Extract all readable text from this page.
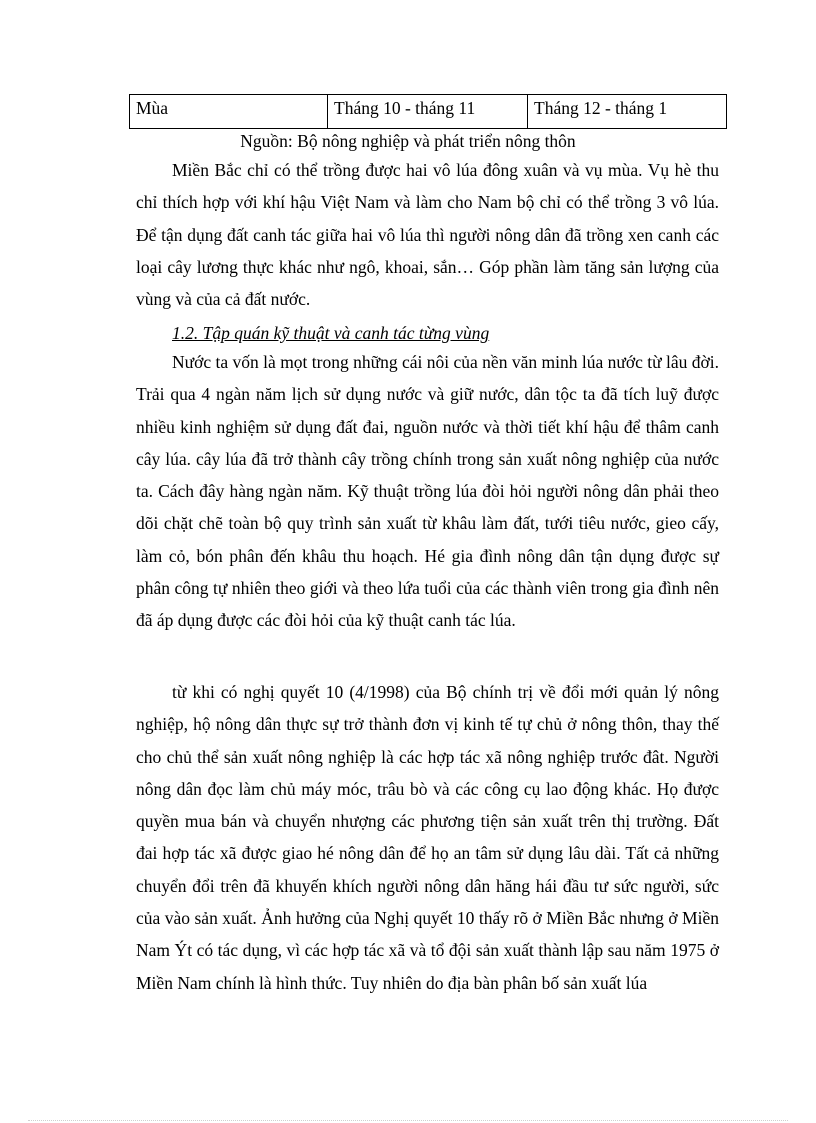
Mùa	Tháng 10 - tháng 11	Tháng 12 - tháng 1
Nguồn: Bộ nông nghiệp và phát triển nông thôn

Miền Bắc chỉ có thể trồng được hai vô lúa đông xuân và vụ mùa. Vụ hè thu chỉ thích hợp với khí hậu Việt Nam và làm cho Nam bộ chỉ có thể trồng 3 vô lúa. Để tận dụng đất canh tác giữa hai vô lúa thì người nông dân đã trồng xen canh các loại cây lương thực khác như ngô, khoai, sắn… Góp phần làm tăng sản lượng của vùng và của cả đất nước.

1.2. Tập quán kỹ thuật và canh tác từng vùng

Nước ta vốn là mọt trong những cái nôi của nền văn minh lúa nước từ lâu đời. Trải qua 4 ngàn năm lịch sử dụng nước và giữ nước, dân tộc ta đã tích luỹ được nhiều kinh nghiệm sử dụng đất đai, nguồn nước và thời tiết khí hậu để thâm canh cây lúa. cây lúa đã trở thành cây trồng chính trong sản xuất nông nghiệp của nước ta. Cách đây hàng ngàn năm. Kỹ thuật trồng lúa đòi hỏi người nông dân phải theo dõi chặt chẽ toàn bộ quy trình sản xuất từ khâu làm đất, tưới tiêu nước, gieo cấy, làm cỏ, bón phân đến khâu thu hoạch. Hé gia đình nông dân tận dụng được sự phân công tự nhiên theo giới và theo lứa tuổi của các thành viên trong gia đình nên đã áp dụng được các đòi hỏi của kỹ thuật canh tác lúa.

từ khi có nghị quyết 10 (4/1998) của Bộ chính trị về đổi mới quản lý nông nghiệp, hộ nông dân thực sự trở thành đơn vị kinh tế tự chủ ở nông thôn, thay thế cho chủ thể sản xuất nông nghiệp là các hợp tác xã nông nghiệp trước đât. Người nông dân đọc làm chủ máy móc, trâu bò và các công cụ lao động khác. Họ được quyền mua bán và chuyển nhượng các phương tiện sản xuất trên thị trường. Đất đai hợp tác xã được giao hé nông dân để họ an tâm sử dụng lâu dài. Tất cả những chuyển đổi trên đã khuyến khích người nông dân hăng hái đầu tư sức người, sức của vào sản xuất. Ảnh hưởng của Nghị quyết 10 thấy rõ ở Miền Bắc nhưng ở Miền Nam Ýt có tác dụng, vì các hợp tác xã và tổ đội sản xuất thành lập sau năm 1975 ở Miền Nam chính là hình thức. Tuy nhiên do địa bàn phân bố sản xuất lúa
